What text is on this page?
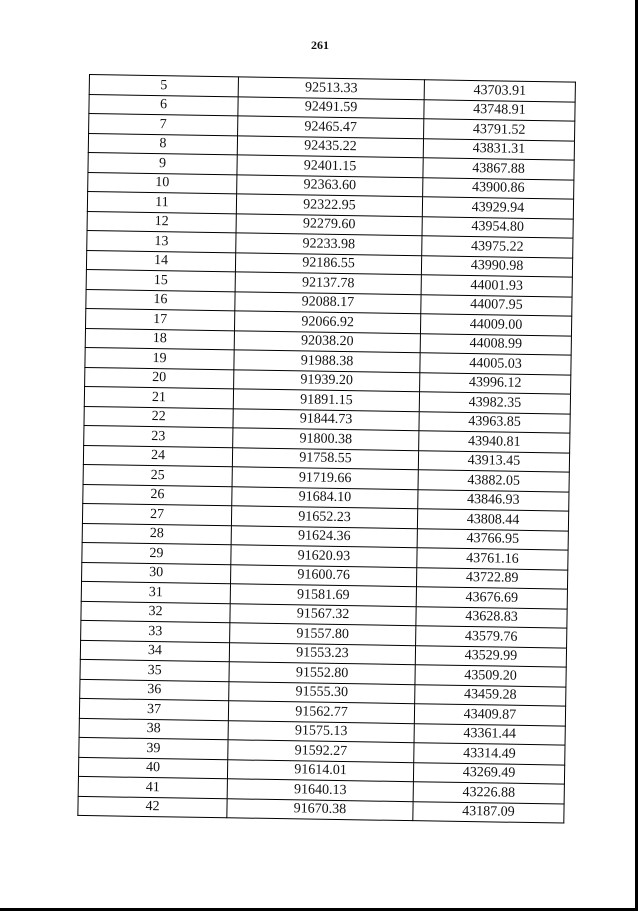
261
5	92513.33	43703.91
6	92491.59	43748.91
7	92465.47	43791.52
8	92435.22	43831.31
9	92401.15	43867.88
10	92363.60	43900.86
11	92322.95	43929.94
12	92279.60	43954.80
13	92233.98	43975.22
14	92186.55	43990.98
15	92137.78	44001.93
16	92088.17	44007.95
17	92066.92	44009.00
18	92038.20	44008.99
19	91988.38	44005.03
20	91939.20	43996.12
21	91891.15	43982.35
22	91844.73	43963.85
23	91800.38	43940.81
24	91758.55	43913.45
25	91719.66	43882.05
26	91684.10	43846.93
27	91652.23	43808.44
28	91624.36	43766.95
29	91620.93	43761.16
30	91600.76	43722.89
31	91581.69	43676.69
32	91567.32	43628.83
33	91557.80	43579.76
34	91553.23	43529.99
35	91552.80	43509.20
36	91555.30	43459.28
37	91562.77	43409.87
38	91575.13	43361.44
39	91592.27	43314.49
40	91614.01	43269.49
41	91640.13	43226.88
42	91670.38	43187.09
